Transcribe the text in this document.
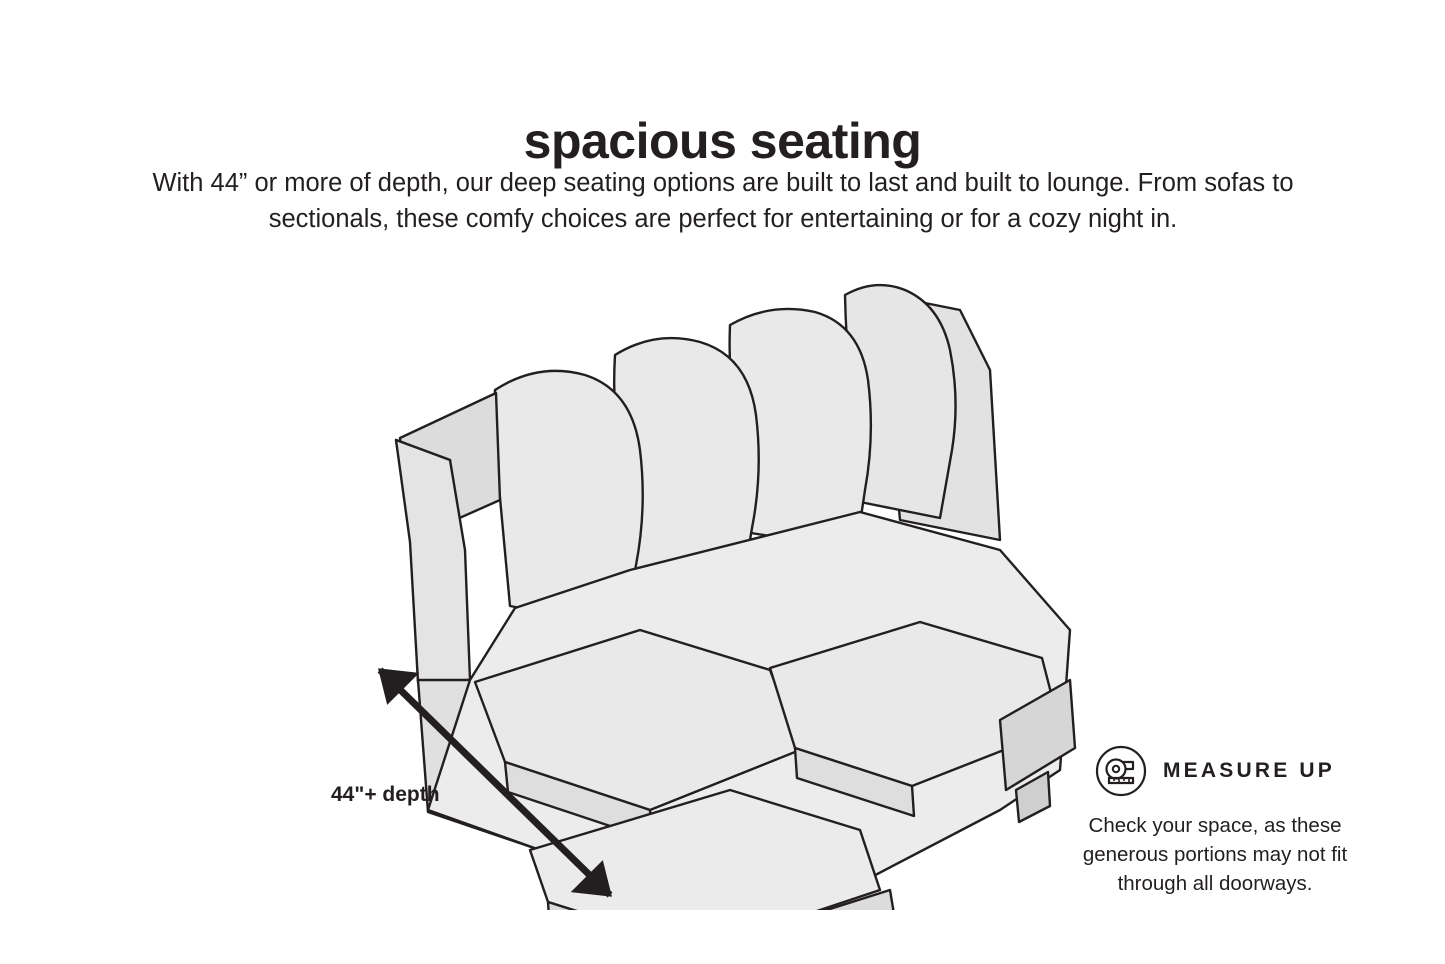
spacious seating
With 44” or more of depth, our deep seating options are built to last and built to lounge. From sofas to sectionals, these comfy choices are perfect for entertaining or for a cozy night in.
44"+ depth
MEASURE UP
Check your space, as these
generous portions may not fit
through all doorways.
